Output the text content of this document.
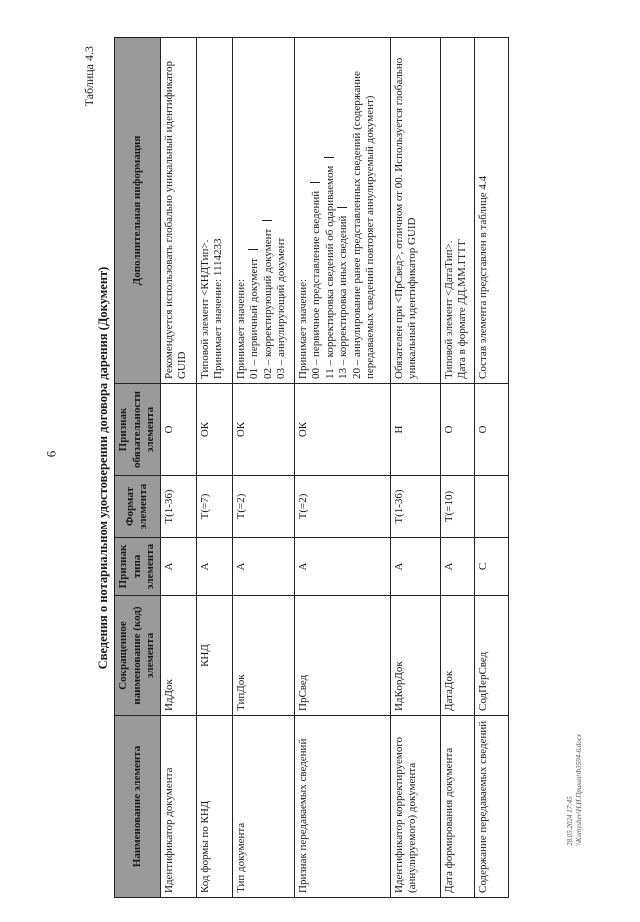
6
Таблица 4.3
Сведения о нотариальном удостоверении договора дарения (Документ)
Наименование элемента	Сокращенное наименование (код) элемента	Признак типа элемента	Формат элемента	Признак обязательности элемента	Дополнительная информация
Идентификатор документа	ИдДок	А	T(1-36)	О	Рекомендуется использовать глобально уникальный идентификатор GUID

Код формы по КНД	КНД	А	T(=7)	ОК	Типовой элемент <КНДТип>. Принимает значение: 1114233

Тип документа	ТипДок	А	T(=2)	ОК	Принимает значение: 01 – первичный документ 02 – корректирующий документ 03 – аннулирующий документ

Признак передаваемых сведений	ПрСвед	А	T(=2)	ОК	Принимает значение: 00 – первичное представление сведений 11 – корректировка сведений об одариваемом 13 – корректировка иных сведений 20 – аннулирование ранее представленных сведений (содержание передаваемых сведений повторяет аннулируемый документ)

Идентификатор корректируемого (аннулируемого) документа	ИдКорДок	А	T(1-36)	Н	Обязателен при <ПрСвед>, отличном от 00. Используется глобально уникальный идентификатор GUID

Дата формирования документа	ДатаДок	А	T(=10)	О	Типовой элемент <ДатаТип>. Дата в формате ДД.ММ.ГГГГ

Содержание передаваемых сведений	СодПерСвед	С		О	Состав элемента представлен в таблице 4.4
28.05.2024 17:45 \\Komyshev\Н.И.Приказ\Ф3594-6.docx
